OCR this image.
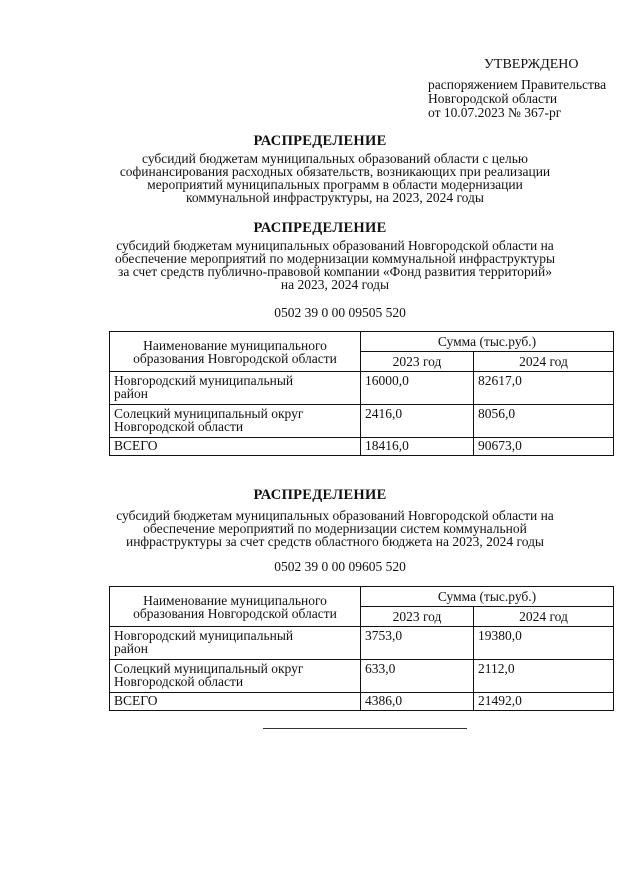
УТВЕРЖДЕНО
распоряжением Правительства
Новгородской области
от 10.07.2023 № 367-рг
РАСПРЕДЕЛЕНИЕ
субсидий бюджетам муниципальных образований области с целью
софинансирования расходных обязательств, возникающих при реализации
мероприятий муниципальных программ в области модернизации
коммунальной инфраструктуры, на 2023, 2024 годы
РАСПРЕДЕЛЕНИЕ
субсидий бюджетам муниципальных образований Новгородской области на
обеспечение мероприятий по модернизации коммунальной инфраструктуры
за счет средств публично-правовой компании «Фонд развития территорий»
на 2023, 2024 годы
0502 39 0 00 09505 520
Наименование муниципального
образования Новгородской области	Сумма (тыс.руб.)	
	2023 год	2024 год

Новгородский муниципальный
район	16000,0	82617,0

Солецкий муниципальный округ
Новгородской области	2416,0	8056,0

ВСЕГО	18416,0	90673,0
РАСПРЕДЕЛЕНИЕ
субсидий бюджетам муниципальных образований Новгородской области на
обеспечение мероприятий по модернизации систем коммунальной
инфраструктуры за счет средств областного бюджета на 2023, 2024 годы
0502 39 0 00 09605 520
Наименование муниципального
образования Новгородской области	Сумма (тыс.руб.)	
	2023 год	2024 год

Новгородский муниципальный
район	3753,0	19380,0

Солецкий муниципальный округ
Новгородской области	633,0	2112,0

ВСЕГО	4386,0	21492,0
